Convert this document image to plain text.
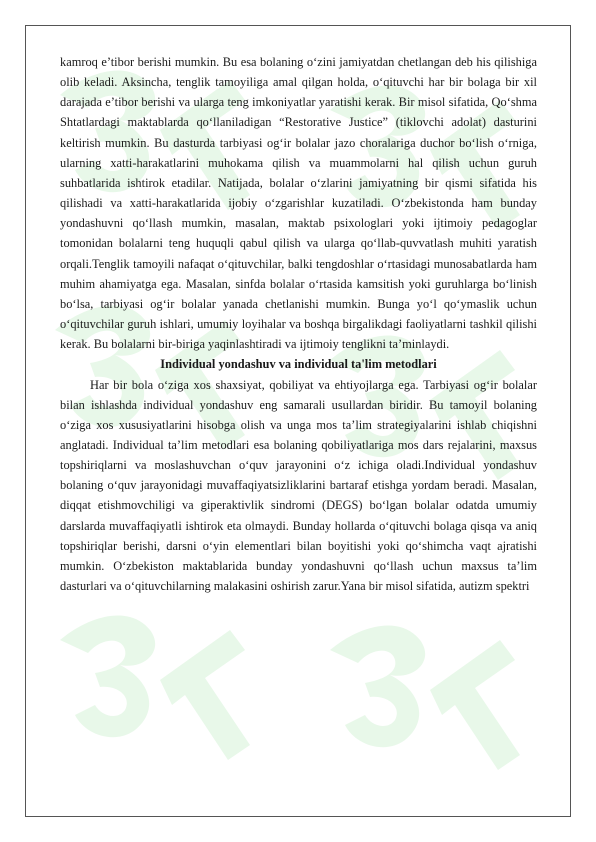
kamroq e’tibor berishi mumkin. Bu esa bolaning o‘zini jamiyatdan chetlangan deb his qilishiga olib keladi. Aksincha, tenglik tamoyiliga amal qilgan holda, o‘qituvchi har bir bolaga bir xil darajada e’tibor berishi va ularga teng imkoniyatlar yaratishi kerak. Bir misol sifatida, Qo‘shma Shtatlardagi maktablarda qo‘llaniladigan “Restorative Justice” (tiklovchi adolat) dasturini keltirish mumkin. Bu dasturda tarbiyasi og‘ir bolalar jazo choralariga duchor bo‘lish o‘rniga, ularning xatti-harakatlarini muhokama qilish va muammolarni hal qilish uchun guruh suhbatlarida ishtirok etadilar. Natijada, bolalar o‘zlarini jamiyatning bir qismi sifatida his qilishadi va xatti-harakatlarida ijobiy o‘zgarishlar kuzatiladi. O‘zbekistonda ham bunday yondashuvni qo‘llash mumkin, masalan, maktab psixologlari yoki ijtimoiy pedagoglar tomonidan bolalarni teng huquqli qabul qilish va ularga qo‘llab-quvvatlash muhiti yaratish orqali.Tenglik tamoyili nafaqat o‘qituvchilar, balki tengdoshlar o‘rtasidagi munosabatlarda ham muhim ahamiyatga ega. Masalan, sinfda bolalar o‘rtasida kamsitish yoki guruhlarga bo‘linish bo‘lsa, tarbiyasi og‘ir bolalar yanada chetlanishi mumkin. Bunga yo‘l qo‘ymaslik uchun o‘qituvchilar guruh ishlari, umumiy loyihalar va boshqa birgalikdagi faoliyatlarni tashkil qilishi kerak. Bu bolalarni bir-biriga yaqinlashtiradi va ijtimoiy tenglikni ta’minlaydi.

Individual yondashuv va individual ta'lim metodlari

Har bir bola o‘ziga xos shaxsiyat, qobiliyat va ehtiyojlarga ega. Tarbiyasi og‘ir bolalar bilan ishlashda individual yondashuv eng samarali usullardan biridir. Bu tamoyil bolaning o‘ziga xos xususiyatlarini hisobga olish va unga mos ta’lim strategiyalarini ishlab chiqishni anglatadi. Individual ta’lim metodlari esa bolaning qobiliyatlariga mos dars rejalarini, maxsus topshiriqlarni va moslashuvchan o‘quv jarayonini o‘z ichiga oladi.Individual yondashuv bolaning o‘quv jarayonidagi muvaffaqiyatsizliklarini bartaraf etishga yordam beradi. Masalan, diqqat etishmovchiligi va giperaktivlik sindromi (DEGS) bo‘lgan bolalar odatda umumiy darslarda muvaffaqiyatli ishtirok eta olmaydi. Bunday hollarda o‘qituvchi bolaga qisqa va aniq topshiriqlar berishi, darsni o‘yin elementlari bilan boyitishi yoki qo‘shimcha vaqt ajratishi mumkin. O‘zbekiston maktablarida bunday yondashuvni qo‘llash uchun maxsus ta’lim dasturlari va o‘qituvchilarning malakasini oshirish zarur.Yana bir misol sifatida, autizm spektri
